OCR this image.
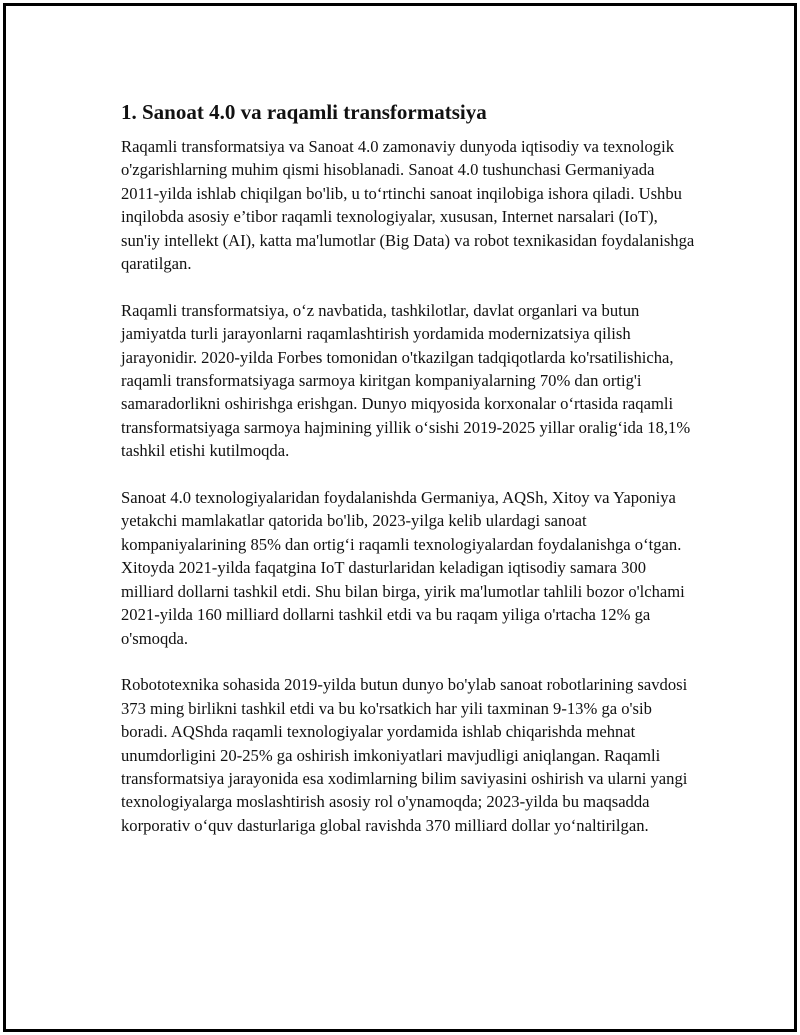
1. Sanoat 4.0 va raqamli transformatsiya

Raqamli transformatsiya va Sanoat 4.0 zamonaviy dunyoda iqtisodiy va texnologik o'zgarishlarning muhim qismi hisoblanadi. Sanoat 4.0 tushunchasi Germaniyada 2011-yilda ishlab chiqilgan bo'lib, u to‘rtinchi sanoat inqilobiga ishora qiladi. Ushbu inqilobda asosiy e’tibor raqamli texnologiyalar, xususan, Internet narsalari (IoT), sun'iy intellekt (AI), katta ma'lumotlar (Big Data) va robot texnikasidan foydalanishga qaratilgan.

Raqamli transformatsiya, o‘z navbatida, tashkilotlar, davlat organlari va butun jamiyatda turli jarayonlarni raqamlashtirish yordamida modernizatsiya qilish jarayonidir. 2020-yilda Forbes tomonidan o'tkazilgan tadqiqotlarda ko'rsatilishicha, raqamli transformatsiyaga sarmoya kiritgan kompaniyalarning 70% dan ortig'i samaradorlikni oshirishga erishgan. Dunyo miqyosida korxonalar o‘rtasida raqamli transformatsiyaga sarmoya hajmining yillik o‘sishi 2019-2025 yillar oralig‘ida 18,1% tashkil etishi kutilmoqda.

Sanoat 4.0 texnologiyalaridan foydalanishda Germaniya, AQSh, Xitoy va Yaponiya yetakchi mamlakatlar qatorida bo'lib, 2023-yilga kelib ulardagi sanoat kompaniyalarining 85% dan ortig‘i raqamli texnologiyalardan foydalanishga o‘tgan. Xitoyda 2021-yilda faqatgina IoT dasturlaridan keladigan iqtisodiy samara 300 milliard dollarni tashkil etdi. Shu bilan birga, yirik ma'lumotlar tahlili bozor o'lchami 2021-yilda 160 milliard dollarni tashkil etdi va bu raqam yiliga o'rtacha 12% ga o'smoqda.

Robototexnika sohasida 2019-yilda butun dunyo bo'ylab sanoat robotlarining savdosi 373 ming birlikni tashkil etdi va bu ko'rsatkich har yili taxminan 9-13% ga o'sib boradi. AQShda raqamli texnologiyalar yordamida ishlab chiqarishda mehnat unumdorligini 20-25% ga oshirish imkoniyatlari mavjudligi aniqlangan. Raqamli transformatsiya jarayonida esa xodimlarning bilim saviyasini oshirish va ularni yangi texnologiyalarga moslashtirish asosiy rol o'ynamoqda; 2023-yilda bu maqsadda korporativ o‘quv dasturlariga global ravishda 370 milliard dollar yo‘naltirilgan.
